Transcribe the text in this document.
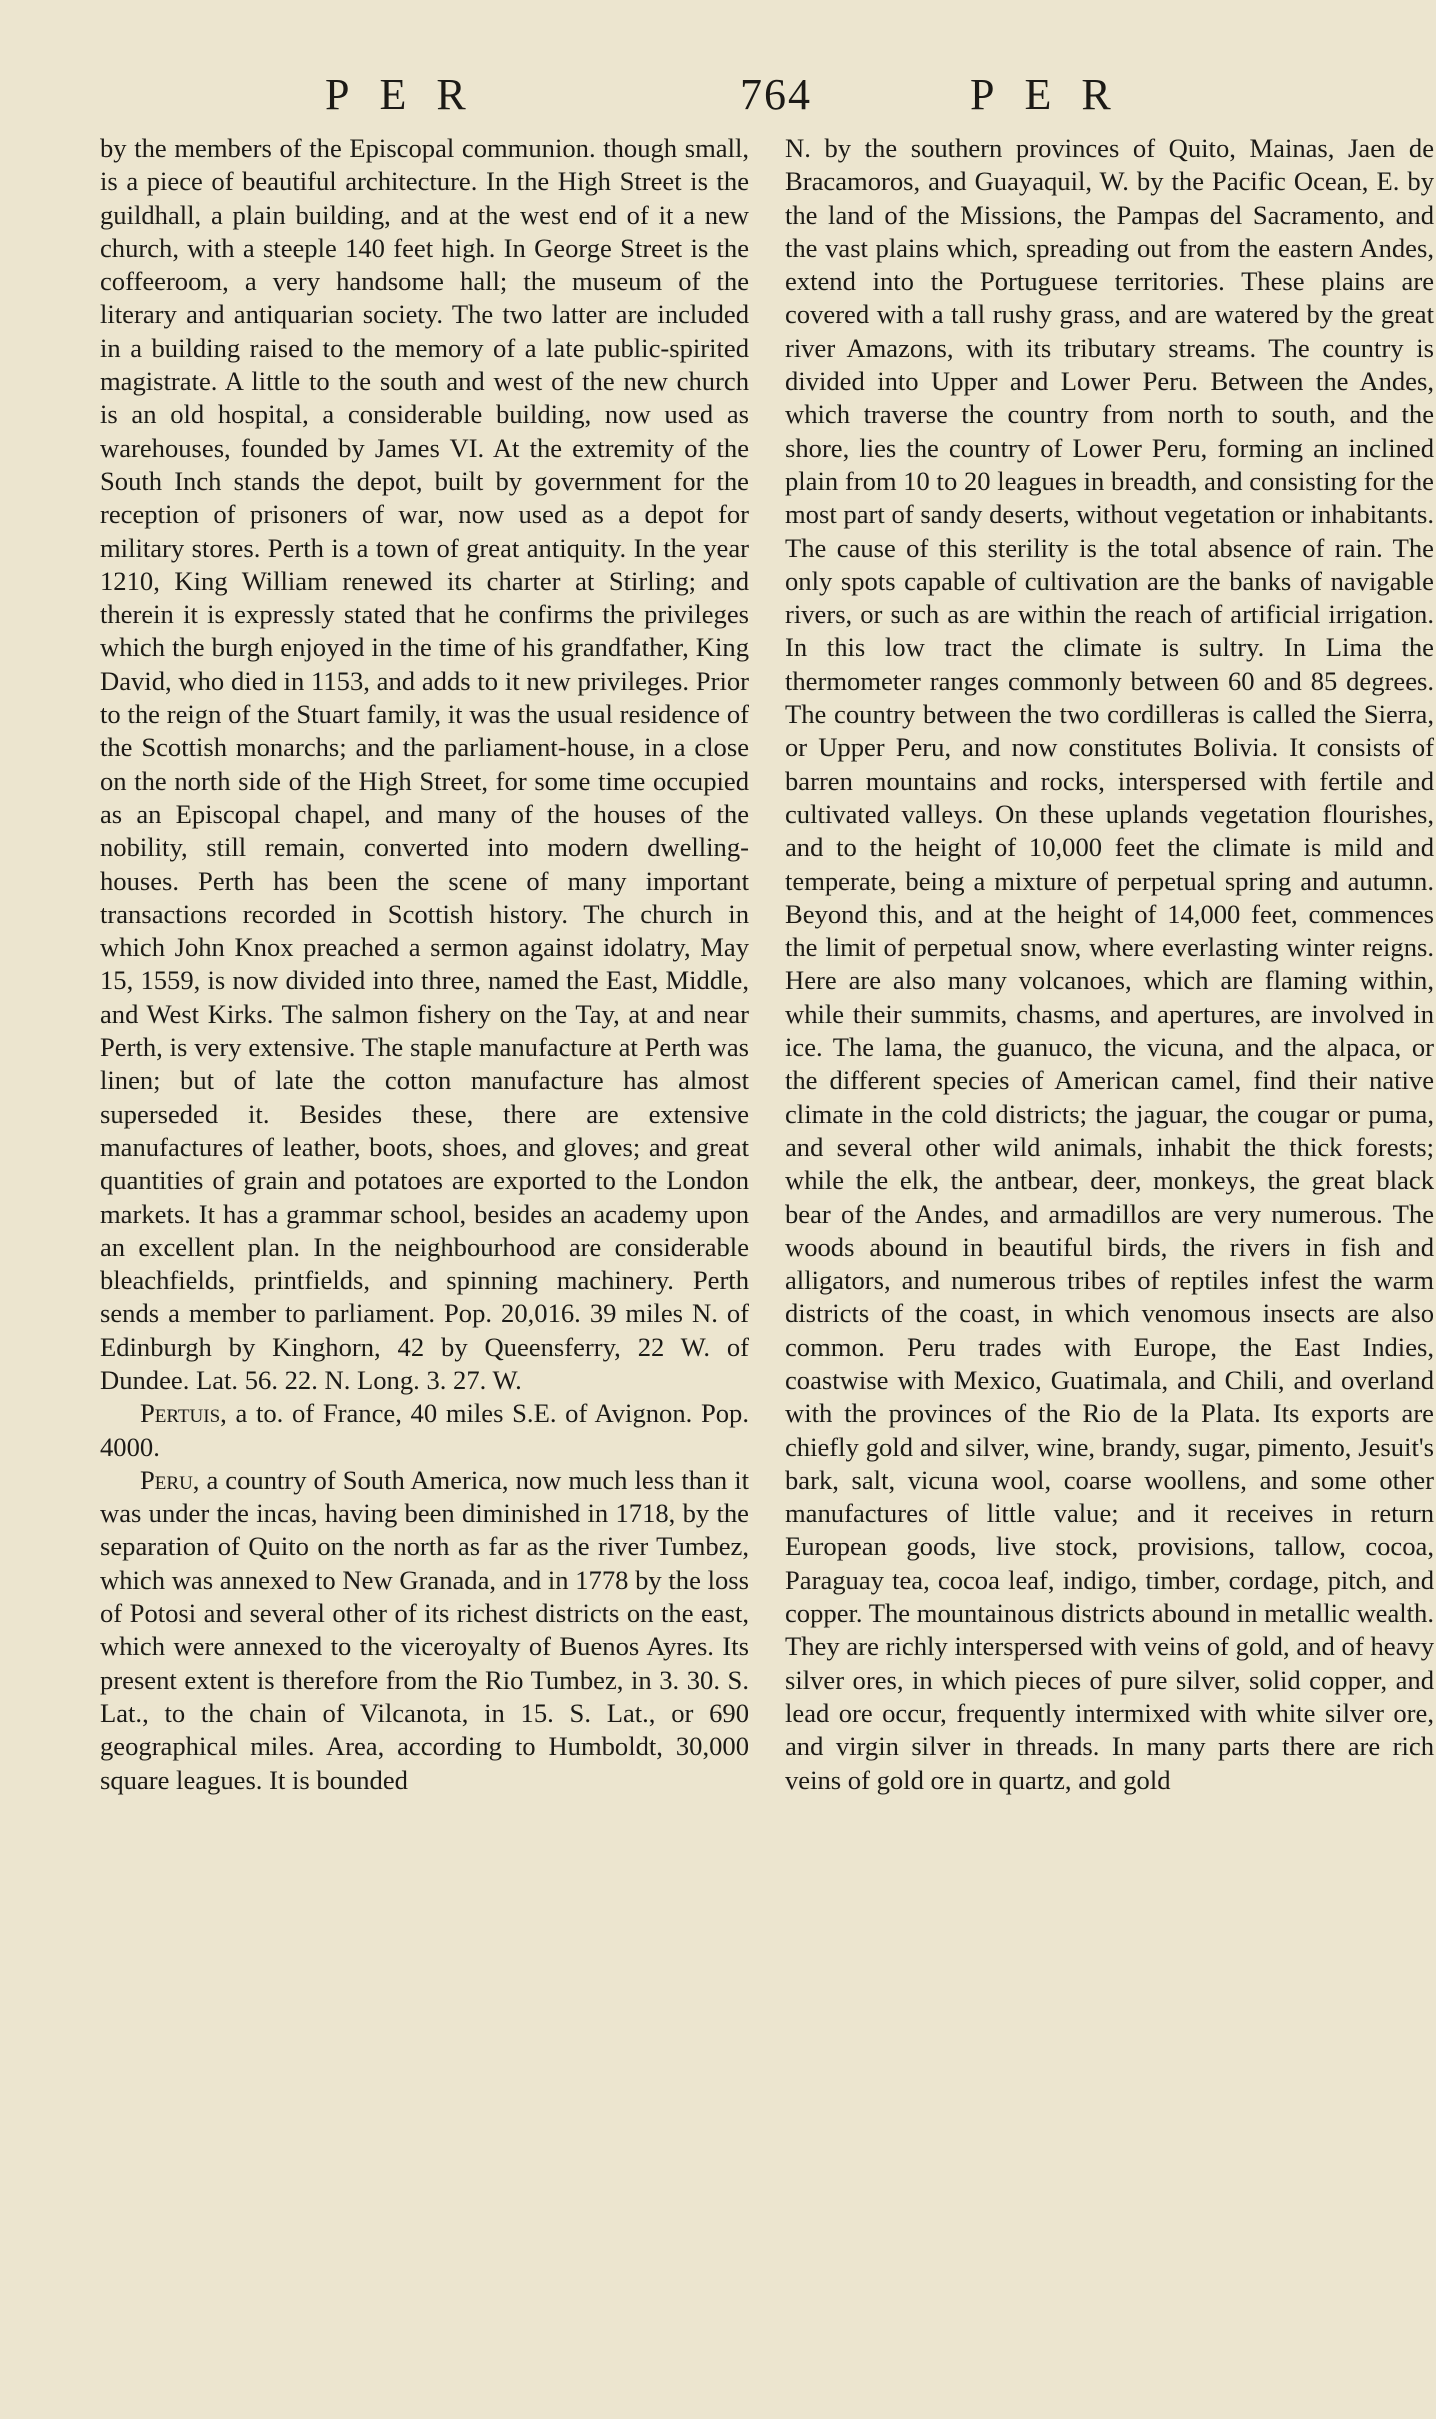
PER	764	PER

by the members of the Episcopal communion. though small, is a piece of beautiful architecture. In the High Street is the guildhall, a plain building, and at the west end of it a new church, with a steeple 140 feet high. In George Street is the coffeeroom, a very handsome hall; the museum of the literary and antiquarian society. The two latter are included in a building raised to the memory of a late public-spirited magistrate. A little to the south and west of the new church is an old hospital, a considerable building, now used as warehouses, founded by James VI. At the extremity of the South Inch stands the depot, built by government for the reception of prisoners of war, now used as a depot for military stores. Perth is a town of great antiquity. In the year 1210, King William renewed its charter at Stirling; and therein it is expressly stated that he confirms the privileges which the burgh enjoyed in the time of his grandfather, King David, who died in 1153, and adds to it new privileges. Prior to the reign of the Stuart family, it was the usual residence of the Scottish monarchs; and the parliament-house, in a close on the north side of the High Street, for some time occupied as an Episcopal chapel, and many of the houses of the nobility, still remain, converted into modern dwelling-houses. Perth has been the scene of many important transactions recorded in Scottish history. The church in which John Knox preached a sermon against idolatry, May 15, 1559, is now divided into three, named the East, Middle, and West Kirks. The salmon fishery on the Tay, at and near Perth, is very extensive. The staple manufacture at Perth was linen; but of late the cotton manufacture has almost superseded it. Besides these, there are extensive manufactures of leather, boots, shoes, and gloves; and great quantities of grain and potatoes are exported to the London markets. It has a grammar school, besides an academy upon an excellent plan. In the neighbourhood are considerable bleachfields, printfields, and spinning machinery. Perth sends a member to parliament. Pop. 20,016. 39 miles N. of Edinburgh by Kinghorn, 42 by Queensferry, 22 W. of Dundee. Lat. 56. 22. N. Long. 3. 27. W.

Pertuis, a to. of France, 40 miles S.E. of Avignon. Pop. 4000.

Peru, a country of South America, now much less than it was under the incas, having been diminished in 1718, by the separation of Quito on the north as far as the river Tumbez, which was annexed to New Granada, and in 1778 by the loss of Potosi and several other of its richest districts on the east, which were annexed to the viceroyalty of Buenos Ayres. Its present extent is therefore from the Rio Tumbez, in 3. 30. S. Lat., to the chain of Vilcanota, in 15. S. Lat., or 690 geographical miles. Area, according to Humboldt, 30,000 square leagues. It is bounded

N. by the southern provinces of Quito, Mainas, Jaen de Bracamoros, and Guayaquil, W. by the Pacific Ocean, E. by the land of the Missions, the Pampas del Sacramento, and the vast plains which, spreading out from the eastern Andes, extend into the Portuguese territories. These plains are covered with a tall rushy grass, and are watered by the great river Amazons, with its tributary streams. The country is divided into Upper and Lower Peru. Between the Andes, which traverse the country from north to south, and the shore, lies the country of Lower Peru, forming an inclined plain from 10 to 20 leagues in breadth, and consisting for the most part of sandy deserts, without vegetation or inhabitants. The cause of this sterility is the total absence of rain. The only spots capable of cultivation are the banks of navigable rivers, or such as are within the reach of artificial irrigation. In this low tract the climate is sultry. In Lima the thermometer ranges commonly between 60 and 85 degrees. The country between the two cordilleras is called the Sierra, or Upper Peru, and now constitutes Bolivia. It consists of barren mountains and rocks, interspersed with fertile and cultivated valleys. On these uplands vegetation flourishes, and to the height of 10,000 feet the climate is mild and temperate, being a mixture of perpetual spring and autumn. Beyond this, and at the height of 14,000 feet, commences the limit of perpetual snow, where everlasting winter reigns. Here are also many volcanoes, which are flaming within, while their summits, chasms, and apertures, are involved in ice. The lama, the guanuco, the vicuna, and the alpaca, or the different species of American camel, find their native climate in the cold districts; the jaguar, the cougar or puma, and several other wild animals, inhabit the thick forests; while the elk, the antbear, deer, monkeys, the great black bear of the Andes, and armadillos are very numerous. The woods abound in beautiful birds, the rivers in fish and alligators, and numerous tribes of reptiles infest the warm districts of the coast, in which venomous insects are also common. Peru trades with Europe, the East Indies, coastwise with Mexico, Guatimala, and Chili, and overland with the provinces of the Rio de la Plata. Its exports are chiefly gold and silver, wine, brandy, sugar, pimento, Jesuit's bark, salt, vicuna wool, coarse woollens, and some other manufactures of little value; and it receives in return European goods, live stock, provisions, tallow, cocoa, Paraguay tea, cocoa leaf, indigo, timber, cordage, pitch, and copper. The mountainous districts abound in metallic wealth. They are richly interspersed with veins of gold, and of heavy silver ores, in which pieces of pure silver, solid copper, and lead ore occur, frequently intermixed with white silver ore, and virgin silver in threads. In many parts there are rich veins of gold ore in quartz, and gold
